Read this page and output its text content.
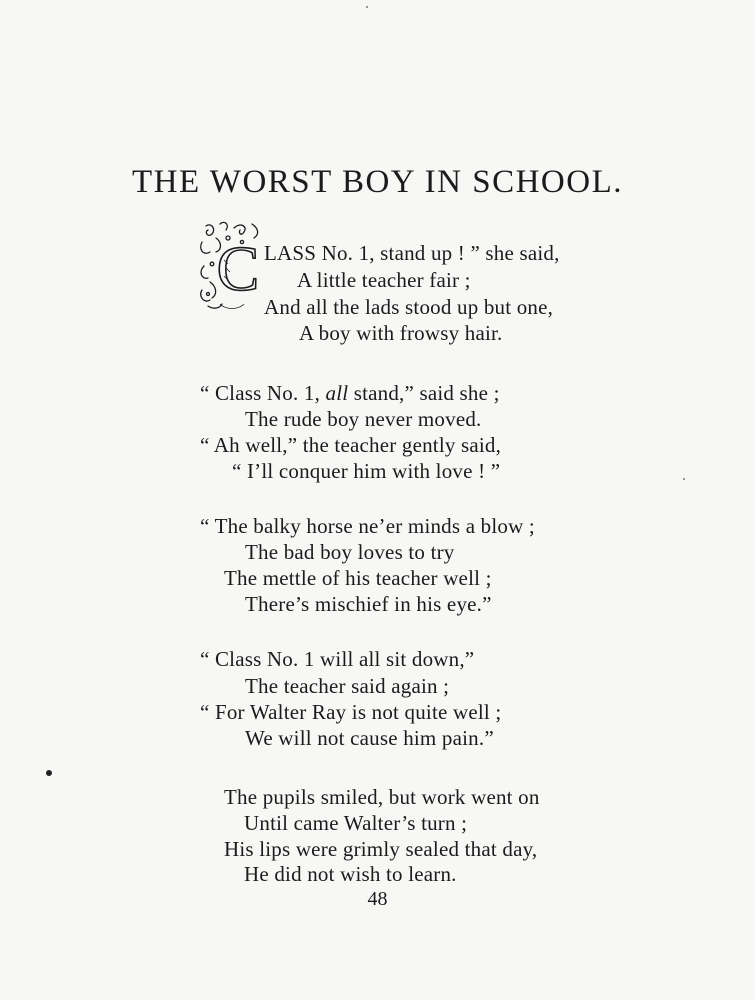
THE WORST BOY IN SCHOOL.
C LASS No. 1, stand up ! ” she said,
A little teacher fair ;
And all the lads stood up but one,
A boy with frowsy hair.
“ Class No. 1, all stand,” said she ;
The rude boy never moved.
“ Ah well,” the teacher gently said,
“ I’ll conquer him with love ! ”
“ The balky horse ne’er minds a blow ;
The bad boy loves to try
The mettle of his teacher well ;
There’s mischief in his eye.”
“ Class No. 1 will all sit down,”
The teacher said again ;
“ For Walter Ray is not quite well ;
We will not cause him pain.”
The pupils smiled, but work went on
Until came Walter’s turn ;
His lips were grimly sealed that day,
He did not wish to learn.
48
